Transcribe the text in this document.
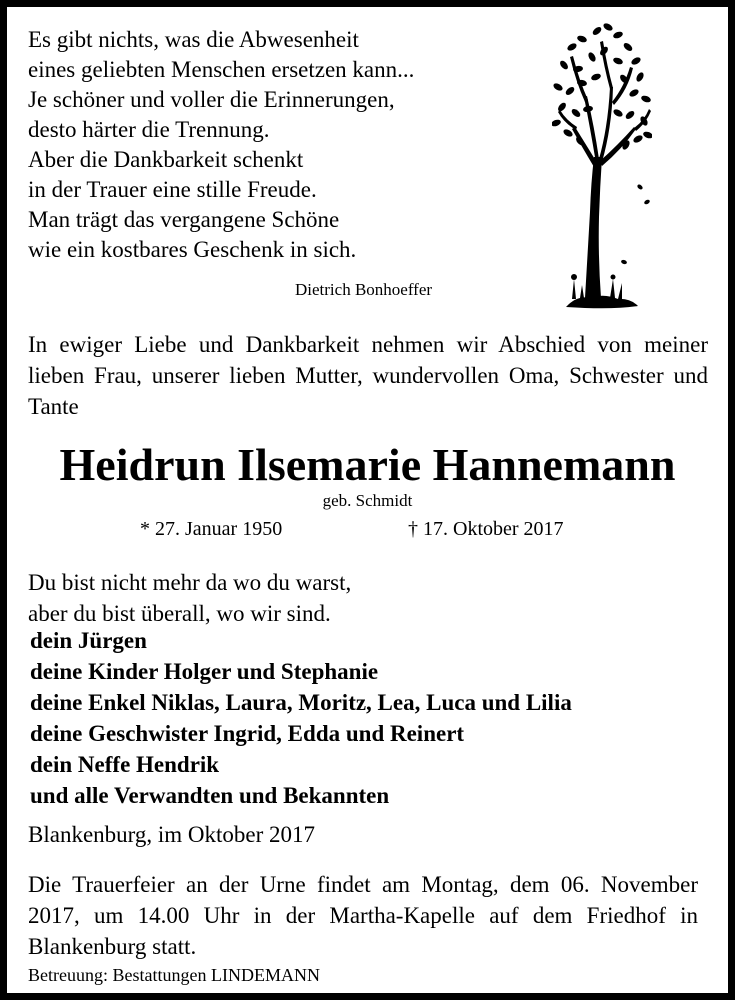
Es gibt nichts, was die Abwesenheit
eines geliebten Menschen ersetzen kann...
Je schöner und voller die Erinnerungen,
desto härter die Trennung.
Aber die Dankbarkeit schenkt
in der Trauer eine stille Freude.
Man trägt das vergangene Schöne
wie ein kostbares Geschenk in sich.
Dietrich Bonhoeffer
In ewiger Liebe und Dankbarkeit nehmen wir Abschied von meiner lieben Frau, unserer lieben Mutter, wundervollen Oma, Schwester und Tante
Heidrun Ilsemarie Hannemann
geb. Schmidt
* 27. Januar 1950	† 17. Oktober 2017
Du bist nicht mehr da wo du warst,
aber du bist überall, wo wir sind.
dein Jürgen
deine Kinder Holger und Stephanie
deine Enkel Niklas, Laura, Moritz, Lea, Luca und Lilia
deine Geschwister Ingrid, Edda und Reinert
dein Neffe Hendrik
und alle Verwandten und Bekannten
Blankenburg, im Oktober 2017
Die Trauerfeier an der Urne findet am Montag, dem 06. November 2017, um 14.00 Uhr in der Martha-Kapelle auf dem Friedhof in Blankenburg statt.
Betreuung: Bestattungen LINDEMANN
